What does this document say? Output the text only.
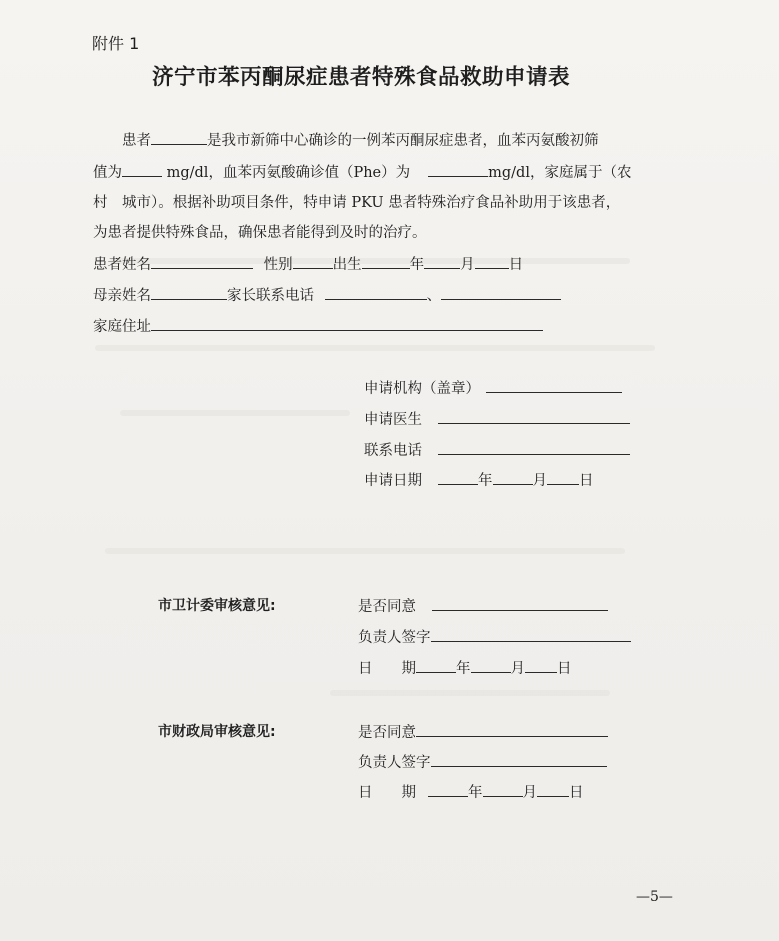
附件 1
济宁市苯丙酮尿症患者特殊食品救助申请表
患者	是我市新筛中心确诊的一例苯丙酮尿症患者，血苯丙氨酸初筛
值为	mg/dl，血苯丙氨酸确诊值（Phe）为	mg/dl，家庭属于（农
村　城市）。根据补助项目条件，特申请 PKU 患者特殊治疗食品补助用于该患者，
为患者提供特殊食品，确保患者能得到及时的治疗。
患者姓名	性别	出生	年 月 日
母亲姓名	家长联系电话	、
家庭住址
申请机构（盖章）
申请医生
联系电话
申请日期	年	月 日
市卫计委审核意见:	是否同意
负责人签字
日　　期	年	月 日
市财政局审核意见:	是否同意
负责人签字
日　　期	年	月 日
—5—
